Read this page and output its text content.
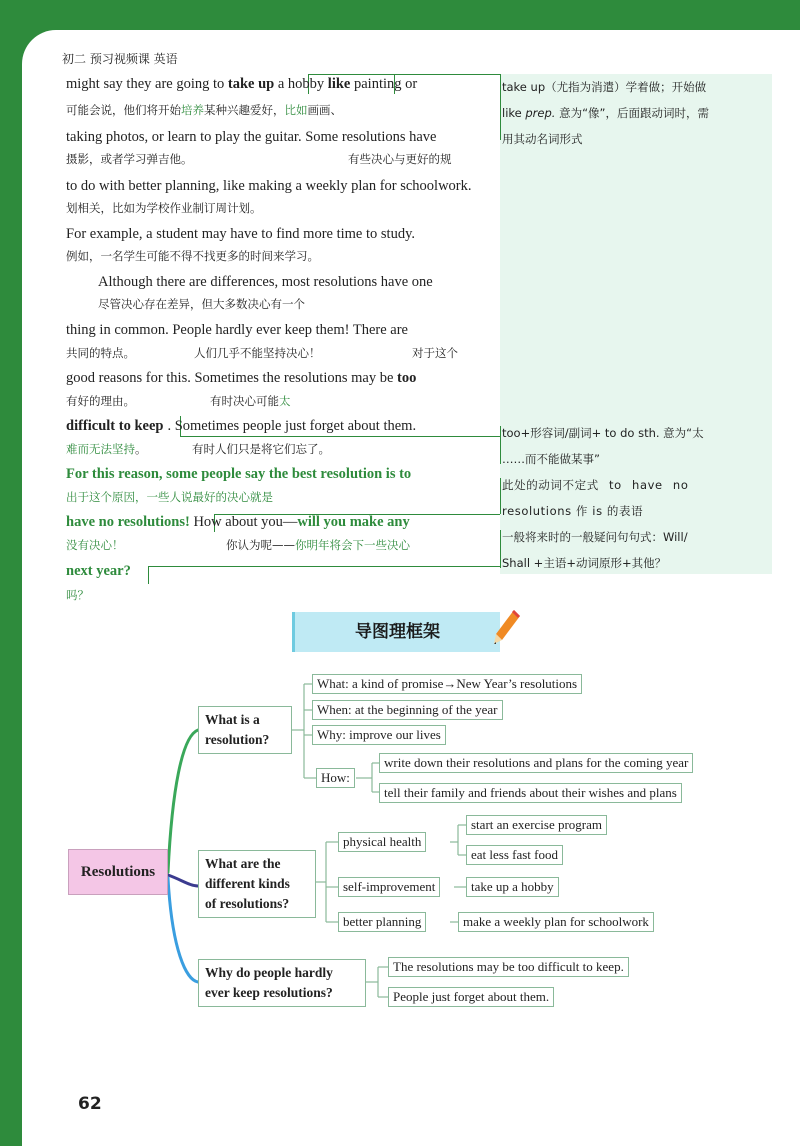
初二 预习视频课 英语
take up（尤指为消遣）学着做；开始做
like prep. 意为“像”，后面跟动词时，需
用其动名词形式
too+形容词/副词+ to do sth. 意为“太
……而不能做某事”
此处的动词不定式 to have no
resolutions 作 is 的表语
一般将来时的一般疑问句句式：Will/
Shall +主语+动词原形+其他？
might say they are going to take up a hobby like painting or
可能会说，他们将开始培养某种兴趣爱好，比如画画、
taking photos, or learn to play the guitar. Some resolutions have
摄影，或者学习弹吉他。	有些决心与更好的规
to do with better planning, like making a weekly plan for schoolwork.
划相关，比如为学校作业制订周计划。
For example, a student may have to find more time to study.
例如，一名学生可能不得不找更多的时间来学习。
Although there are differences, most resolutions have one
尽管决心存在差异，但大多数决心有一个
thing in common. People hardly ever keep them! There are
共同的特点。	人们几乎不能坚持决心！	对于这个
good reasons for this. Sometimes the resolutions may be too
有好的理由。	有时决心可能太
difficult to keep . Sometimes people just forget about them.
难而无法坚持。	有时人们只是将它们忘了。
For this reason, some people say the best resolution is to
出于这个原因，一些人说最好的决心就是
have no resolutions! How about you—will you make any
没有决心！	你认为呢——你明年将会下一些决心
next year?
吗？
导图理框架
Resolutions
What is a
resolution?
What: a kind of promise→New Year’s resolutions
When: at the beginning of the year
Why: improve our lives
How:
write down their resolutions and plans for the coming year
tell their family and friends about their wishes and plans
What are the
different kinds
of resolutions?
physical health
start an exercise program
eat less fast food
self-improvement	take up a hobby
better planning	make a weekly plan for schoolwork
Why do people hardly
ever keep resolutions?
The resolutions may be too difficult to keep.
People just forget about them.
62
